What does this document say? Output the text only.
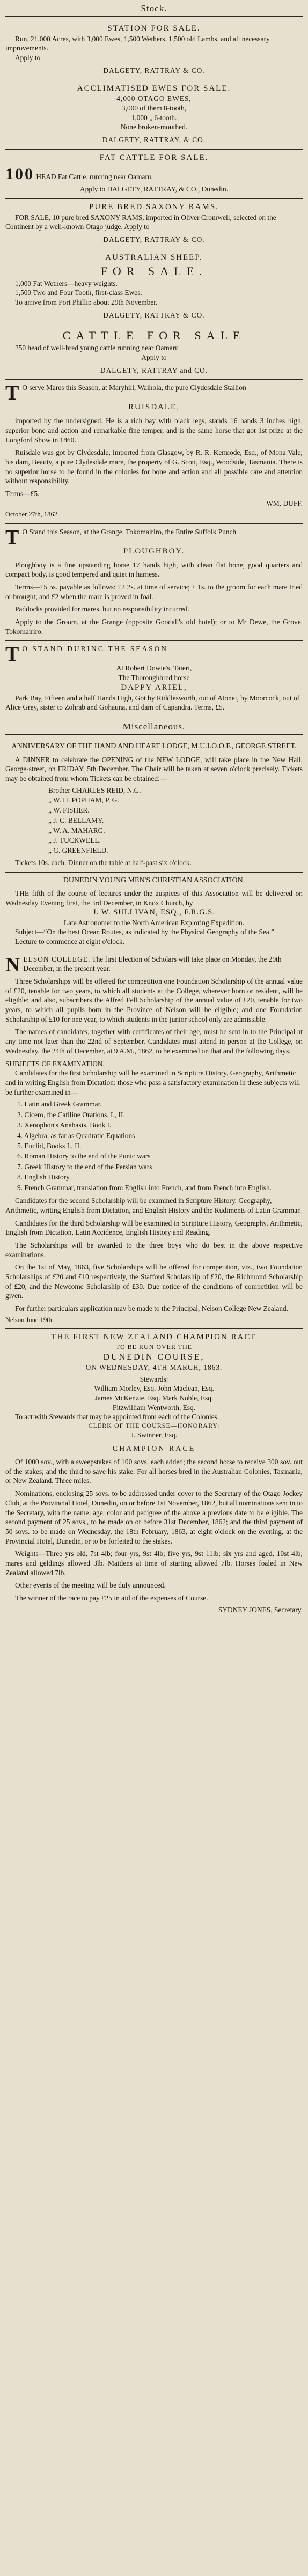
Stock.
STATION FOR SALE.
Run, 21,000 Acres, with 3,000 Ewes, 1,500 Wethers, 1,500 old Lambs, and all necessary improvements.
Apply to
DALGETY, RATTRAY & CO.
ACCLIMATISED EWES FOR SALE.
4,000 OTAGO EWES,
3,000 of them 8-tooth,
1,000 „ 6-tooth.
None broken-mouthed.
DALGETY, RATTRAY, & CO.
FAT CATTLE FOR SALE.
100 HEAD Fat Cattle, running near Oamaru.
Apply to DALGETY, RATTRAY, & CO., Dunedin.
PURE BRED SAXONY RAMS.
FOR SALE, 10 pure bred SAXONY RAMS, imported in Oliver Cromwell, selected on the Continent by a well-known Otago judge. Apply to
DALGETY, RATTRAY & CO.
AUSTRALIAN SHEEP.
FOR SALE.
1,000 Fat Wethers—heavy weights.
1,500 Two and Four Tooth, first-class Ewes.
To arrive from Port Phillip about 29th November.
DALGETY, RATTRAY & CO.
CATTLE FOR SALE
250 head of well-bred young cattle running near Oamaru
Apply to
DALGETY, RATTRAY and CO.
T O serve Mares this Season, at Maryhill, Waihola, the pure Clydesdale Stallion
RUISDALE,
imported by the undersigned. He is a rich bay with black legs, stands 16 hands 3 inches high, superior bone and action and remarkable fine temper, and is the same horse that got 1st prize at the Longford Show in 1860.
Ruisdale was got by Clydesdale, imported from Glasgow, by R. R. Kermode, Esq., of Mona Vale; his dam, Beauty, a pure Clydesdale mare, the property of G. Scott, Esq., Woodside, Tasmania. There is no superior horse to be found in the colonies for bone and action and all possible care and attention without responsibility.
Terms—£5.
WM. DUFF.
October 27th, 1862.
T O Stand this Season, at the Grange, Tokomairiro, the Entire Suffolk Punch
PLOUGHBOY.
Ploughboy is a fine upstanding horse 17 hands high, with clean flat bone, good quarters and compact body, is good tempered and quiet in harness.
Terms—£5 5s. payable as follows: £2 2s. at time of service; £ 1s. to the groom for each mare tried or brought; and £2 when the mare is proved in foal.
Paddocks provided for mares, but no responsibility incurred.
Apply to the Groom, at the Grange (opposite Goodall's old hotel); or to Mr Dewe, the Grove, Tokomairiro.
T O STAND DURING THE SEASON
At Robert Dowie's, Taieri,
The Thoroughbred horse
DAPPY ARIEL,
Park Bay, Fifteen and a half Hands High, Got by Riddlesworth, out of Atonei, by Moorcock, out of Alice Grey, sister to Zohrab and Gohauna, and dam of Capandra. Terms, £5.
Miscellaneous.
ANNIVERSARY OF THE HAND AND HEART LODGE, M.U.I.O.O.F., GEORGE STREET.
A DINNER to celebrate the OPENING of the NEW LODGE, will take place in the New Hall, George-street, on FRIDAY, 5th December. The Chair will be taken at seven o'clock precisely. Tickets may be obtained from whom Tickets can be obtained:—
Brother CHARLES REID, N.G.
„ W. H. POPHAM, P. G.
„ W. FISHER.
„ J. C. BELLAMY.
„ W. A. MAHARG.
„ J. TUCKWELL.
„ G. GREENFIELD.
Tickets 10s. each. Dinner on the table at half-past six o'clock.
DUNEDIN YOUNG MEN'S CHRISTIAN ASSOCIATION.
THE fifth of the course of lectures under the auspices of this Association will be delivered on Wednesday Evening first, the 3rd December, in Knox Church, by
J. W. SULLIVAN, ESQ., F.R.G.S.
Late Astronomer to the North American Exploring Expedition.
Subject—“On the best Ocean Routes, as indicated by the Physical Geography of the Sea.”
Lecture to commence at eight o'clock.
N ELSON COLLEGE. The first Election of Scholars will take place on Monday, the 29th December, in the present year.
Three Scholarships will be offered for competition one Foundation Scholarship of the annual value of £20, tenable for two years, to which all students at the College, wherever born or resident, will be eligible; and also, subscribers the Alfred Fell Scholarship of the annual value of £20, tenable for two years, to which all pupils born in the Province of Nelson will be eligible; and one Foundation Scholarship of £10 for one year, to which students in the junior school only are admissible.
The names of candidates, together with certificates of their age, must be sent in to the Principal at any time not later than the 22nd of September. Candidates must attend in person at the College, on Wednesday, the 24th of December, at 9 A.M., 1862, to be examined on that and the following days.
SUBJECTS OF EXAMINATION.
Candidates for the first Scholarship will be examined in Scripture History, Geography, Arithmetic and in writing English from Dictation: those who pass a satisfactory examination in these subjects will be further examined in—
1. Latin and Greek Grammar.
2. Cicero, the Catiline Orations, I., II.
3. Xenophon's Anabasis, Book I.
4. Algebra, as far as Quadratic Equations
5. Euclid, Books I., II.
6. Roman History to the end of the Punic wars
7. Greek History to the end of the Persian wars
8. English History.
9. French Grammar, translation from English into French, and from French into English.
Candidates for the second Scholarship will be examined in Scripture History, Geography, Arithmetic, writing English from Dictation, and English History and the Rudiments of Latin Grammar.
Candidates for the third Scholarship will be examined in Scripture History, Geography, Arithmetic, English from Dictation, Latin Accidence, English History and Reading.
The Scholarships will be awarded to the three boys who do best in the above respective examinations.
On the 1st of May, 1863, five Scholarships will be offered for competition, viz., two Foundation Scholarships of £20 and £10 respectively, the Stafford Scholarship of £20, the Richmond Scholarship of £20, and the Newcome Scholarship of £30. Due notice of the conditions of competition will be given.
For further particulars application may be made to the Principal, Nelson College New Zealand.
Nelson June 19th.
THE FIRST NEW ZEALAND CHAMPION RACE
TO BE RUN OVER THE
DUNEDIN COURSE,
ON WEDNESDAY, 4TH MARCH, 1863.
Stewards:
William Morley, Esq. John Maclean, Esq.
James McKenzie, Esq. Mark Noble, Esq.
Fitzwilliam Wentworth, Esq.
To act with Stewards that may be appointed from each of the Colonies.
CLERK OF THE COURSE—HONORARY:
J. Swinner, Esq.
CHAMPION RACE
Of 1000 sov., with a sweepstakes of 100 sovs. each added; the second horse to receive 300 sov. out of the stakes; and the third to save his stake. For all horses bred in the Australian Colonies, Tasmania, or New Zealand. Three miles.
Nominations, enclosing 25 sovs. to be addressed under cover to the Secretary of the Otago Jockey Club, at the Provincial Hotel, Dunedin, on or before 1st November, 1862, but all nominations sent in to the Secretary, with the name, age, color and pedigree of the above a previous date to be eligible. The second payment of 25 sovs., to be made on or before 31st December, 1862; and the third payment of 50 sovs. to be made on Wednesday, the 18th February, 1863, at eight o'clock on the evening, at the Provincial Hotel, Dunedin, or to be forfeited to the stakes.
Weights—Three yrs old, 7st 4lb; four yrs, 9st 4lb; five yrs, 9st 11lb; six yrs and aged, 10st 4lb; mares and geldings allowed 3lb. Maidens at time of starting allowed 7lb. Horses foaled in New Zealand allowed 7lb.
Other events of the meeting will be duly announced.
The winner of the race to pay £25 in aid of the expenses of Course.
SYDNEY JONES, Secretary.
